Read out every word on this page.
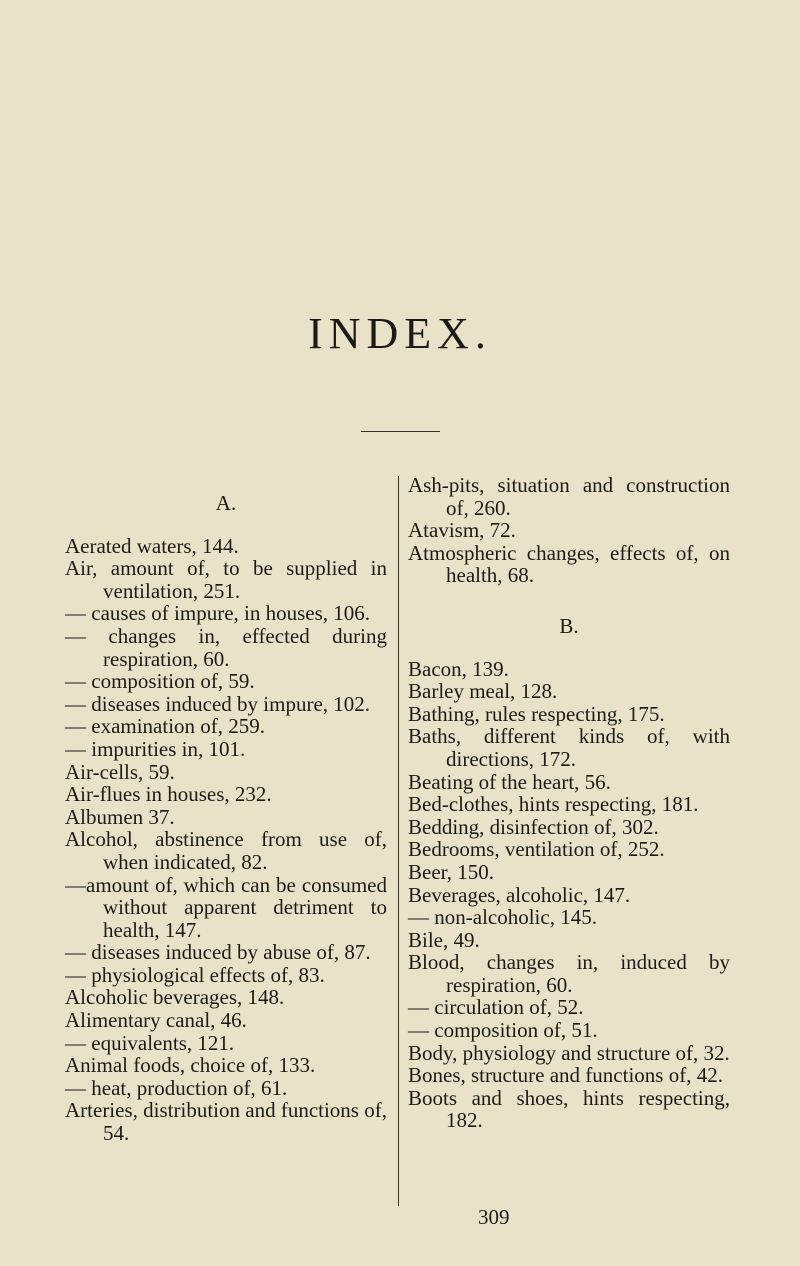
INDEX.

A.

Aerated waters, 144.

Air, amount of, to be supplied in ventilation, 251.

— causes of impure, in houses, 106.

— changes in, effected during respiration, 60.

— composition of, 59.

— diseases induced by impure, 102.

— examination of, 259.

— impurities in, 101.

Air-cells, 59.

Air-flues in houses, 232.

Albumen 37.

Alcohol, abstinence from use of, when indicated, 82.

—amount of, which can be consumed without apparent detriment to health, 147.

— diseases induced by abuse of, 87.

— physiological effects of, 83.

Alcoholic beverages, 148.

Alimentary canal, 46.

— equivalents, 121.

Animal foods, choice of, 133.

— heat, production of, 61.

Arteries, distribution and functions of, 54.

Ash-pits, situation and construction of, 260.

Atavism, 72.

Atmospheric changes, effects of, on health, 68.

B.

Bacon, 139.

Barley meal, 128.

Bathing, rules respecting, 175.

Baths, different kinds of, with directions, 172.

Beating of the heart, 56.

Bed-clothes, hints respecting, 181.

Bedding, disinfection of, 302.

Bedrooms, ventilation of, 252.

Beer, 150.

Beverages, alcoholic, 147.

— non-alcoholic, 145.

Bile, 49.

Blood, changes in, induced by respiration, 60.

— circulation of, 52.

— composition of, 51.

Body, physiology and structure of, 32.

Bones, structure and functions of, 42.

Boots and shoes, hints respecting, 182.

309
